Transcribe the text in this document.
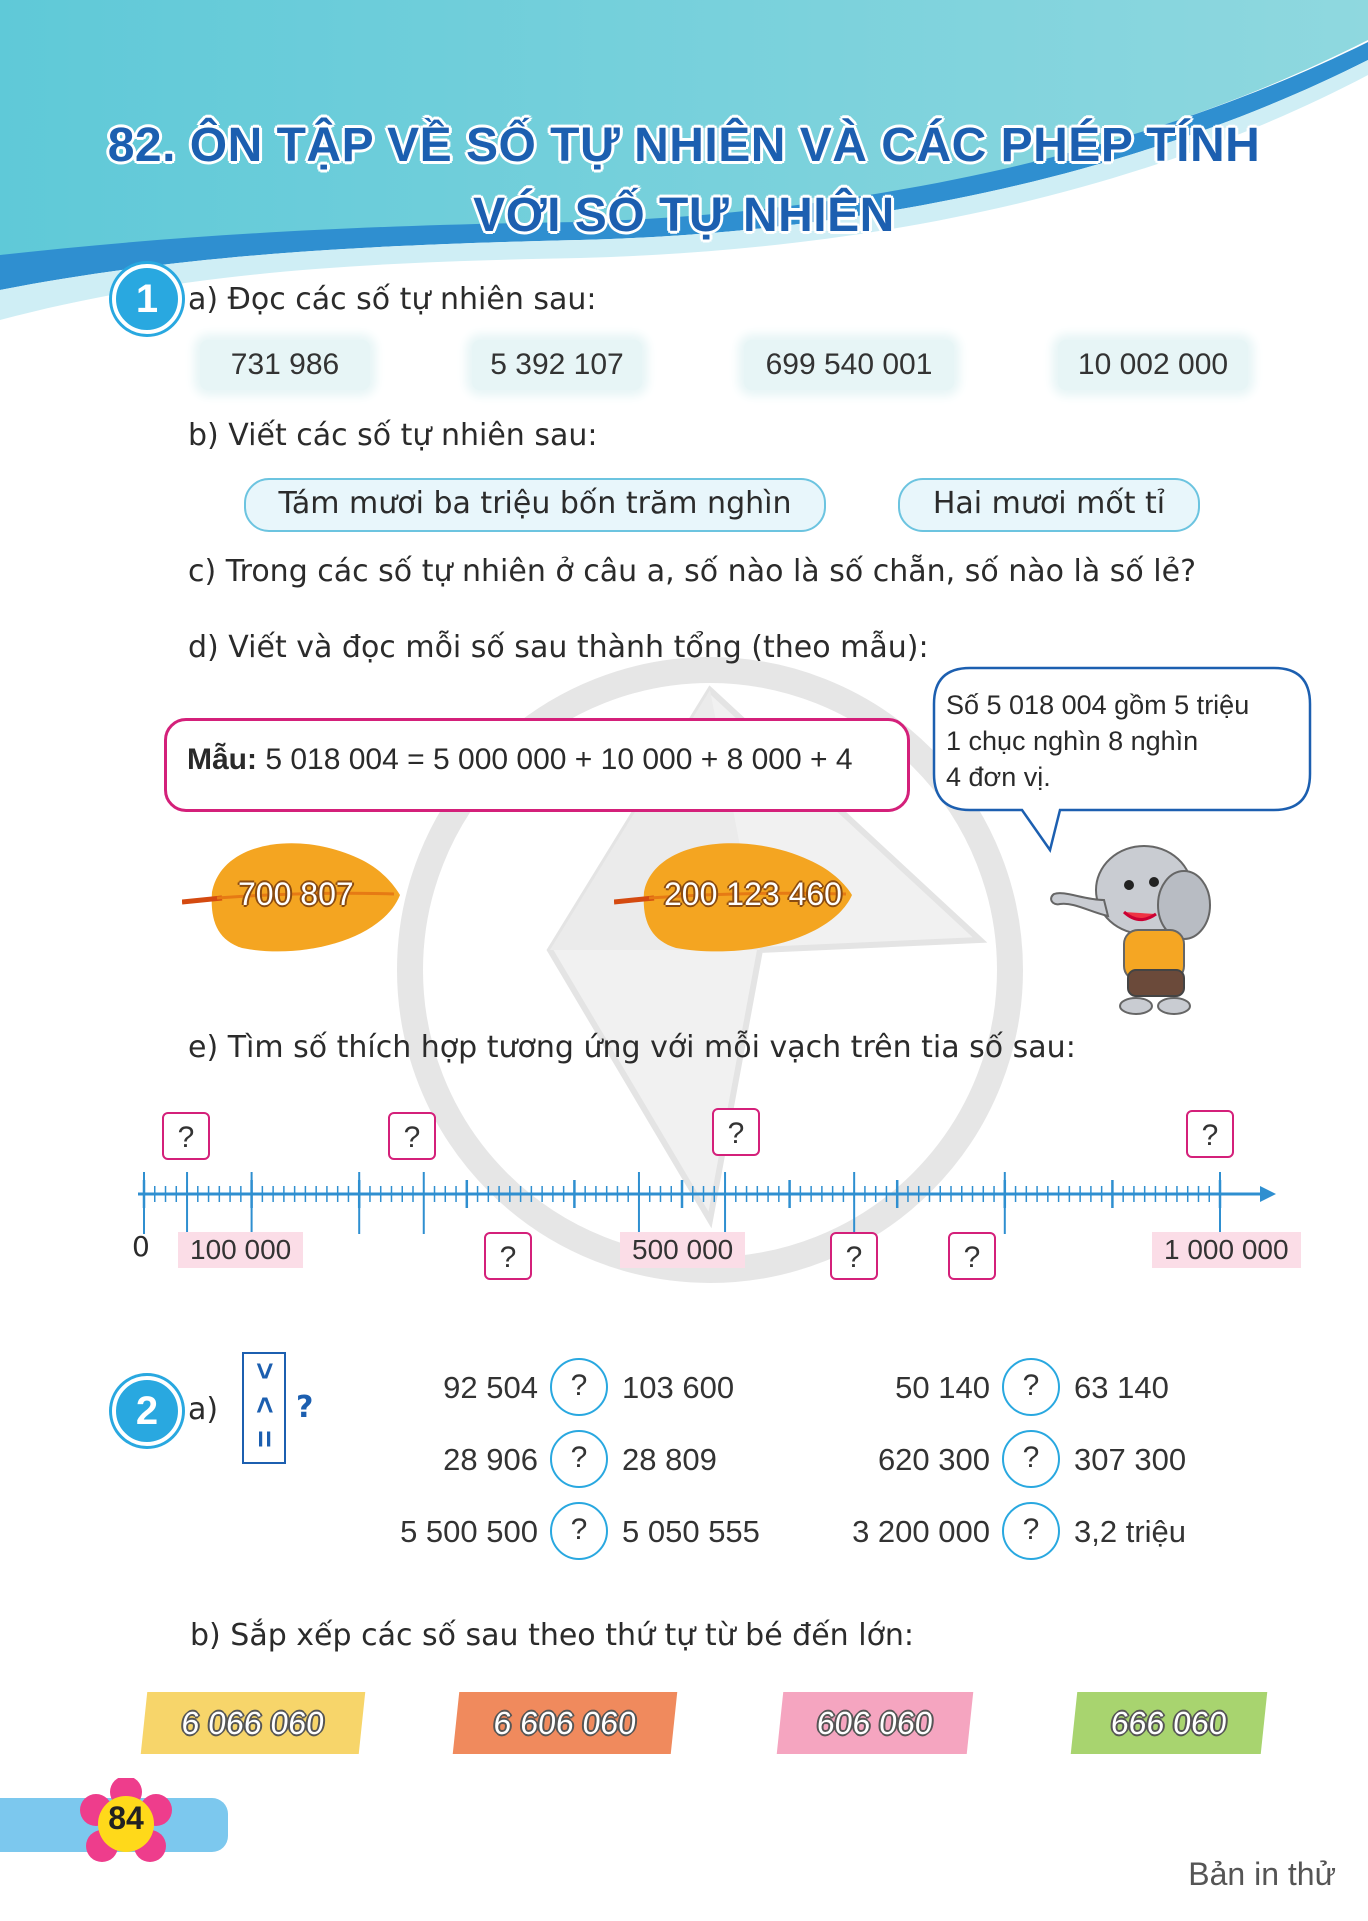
82. ÔN TẬP VỀ SỐ TỰ NHIÊN VÀ CÁC PHÉP TÍNH
VỚI SỐ TỰ NHIÊN
1 a) Đọc các số tự nhiên sau:
731 986	5 392 107	699 540 001	10 002 000
b) Viết các số tự nhiên sau:
Tám mươi ba triệu bốn trăm nghìn	Hai mươi mốt tỉ
c) Trong các số tự nhiên ở câu a, số nào là số chẵn, số nào là số lẻ?
d) Viết và đọc mỗi số sau thành tổng (theo mẫu):
Mẫu: 5 018 004 = 5 000 000 + 10 000 + 8 000 + 4
Số 5 018 004 gồm 5 triệu
1 chục nghìn 8 nghìn
4 đơn vị.
700 807	200 123 460
e) Tìm số thích hợp tương ứng với mỗi vạch trên tia số sau:
0	100 000	500 000	1 000 000
?	?	?	?
?	?	?
2 a)
>
<
=
?
92 504	?	103 600
28 906	?	28 809
5 500 500	?	5 050 555
50 140	?	63 140
620 300	?	307 300
3 200 000	?	3,2 triệu
b) Sắp xếp các số sau theo thứ tự từ bé đến lớn:
6 066 060	6 606 060	606 060	666 060
84
Bản in thử
